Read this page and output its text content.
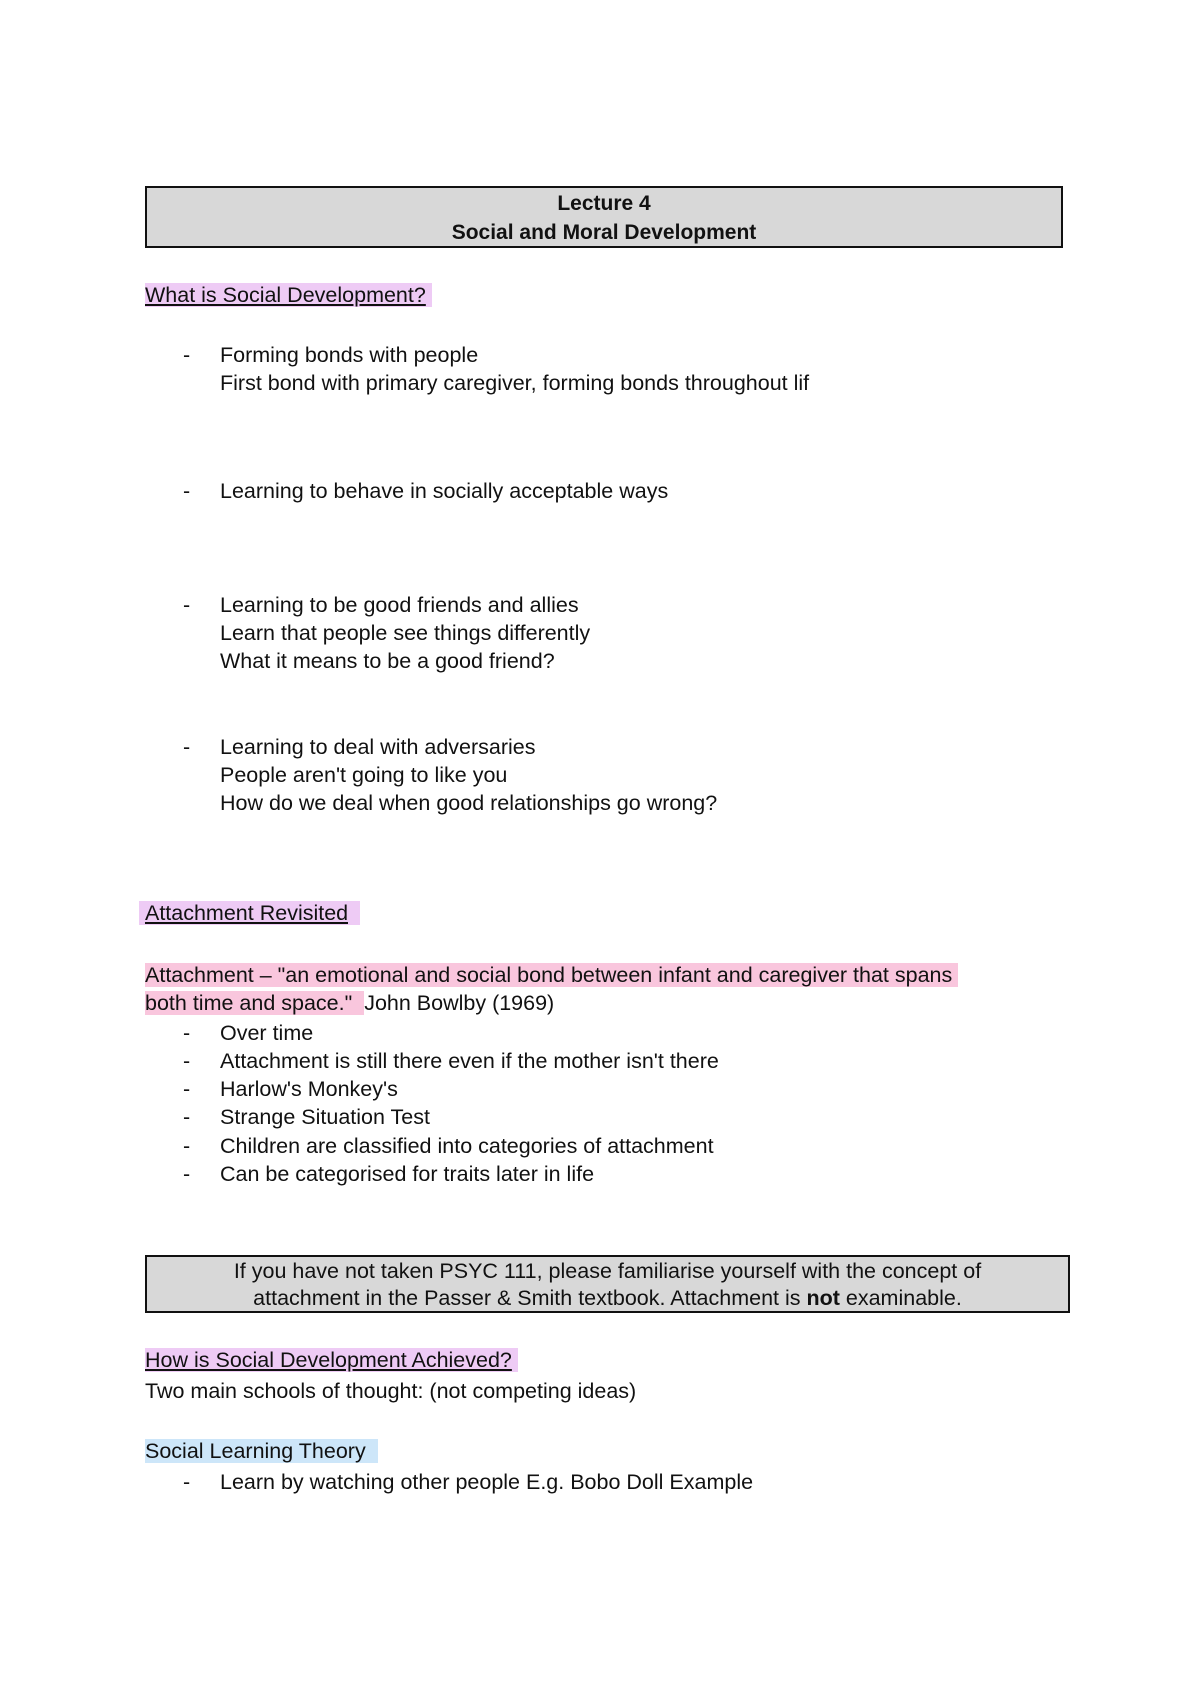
Lecture 4
Social and Moral Development
What is Social Development?
- Forming bonds with people
First bond with primary caregiver, forming bonds throughout lif
- Learning to behave in socially acceptable ways
- Learning to be good friends and allies
Learn that people see things differently
What it means to be a good friend?
- Learning to deal with adversaries
People aren't going to like you
How do we deal when good relationships go wrong?
Attachment Revisited
Attachment – "an emotional and social bond between infant and caregiver that spans
both time and space." John Bowlby (1969)
- Over time
- Attachment is still there even if the mother isn't there
- Harlow's Monkey's
- Strange Situation Test
- Children are classified into categories of attachment
- Can be categorised for traits later in life
If you have not taken PSYC 111, please familiarise yourself with the concept of
attachment in the Passer & Smith textbook. Attachment is not examinable.
How is Social Development Achieved?
Two main schools of thought: (not competing ideas)
Social Learning Theory
- Learn by watching other people E.g. Bobo Doll Example
